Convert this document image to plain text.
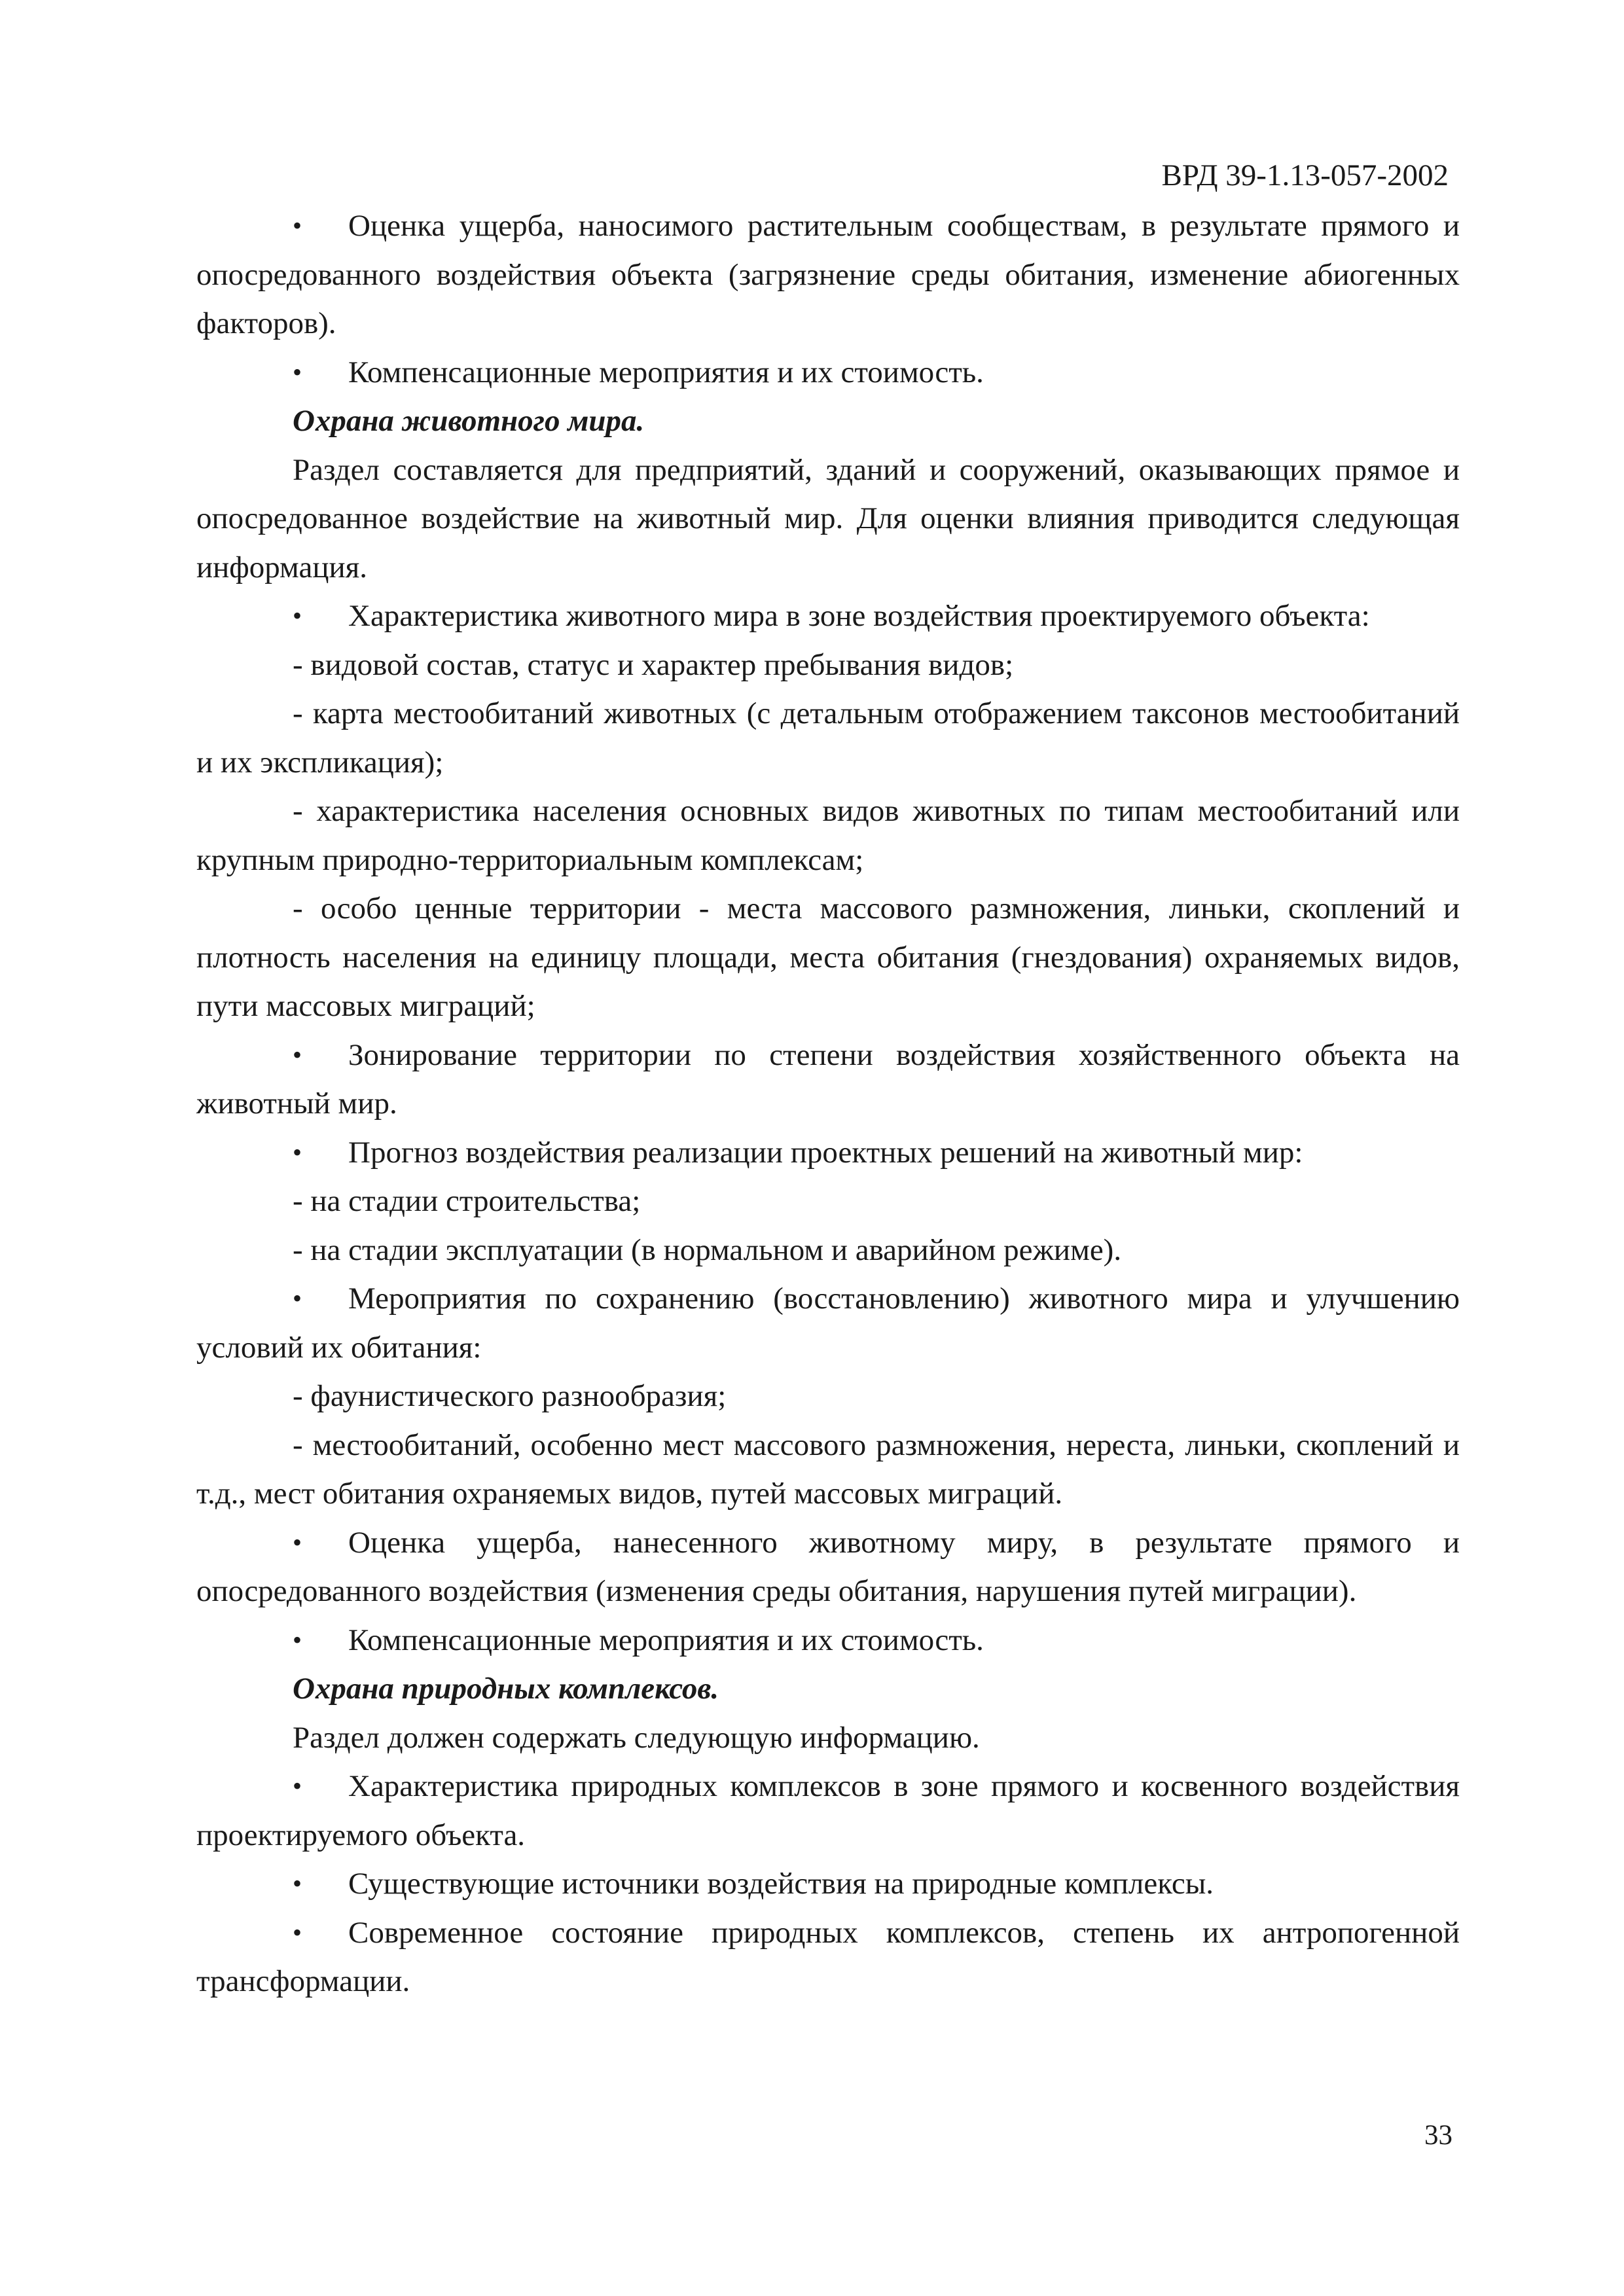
ВРД 39-1.13-057-2002

•	Оценка ущерба, наносимого растительным сообществам, в результате прямого и опосредованного воздействия объекта (загрязнение среды обитания, изменение абиогенных факторов).

•	Компенсационные мероприятия и их стоимость.

Охрана животного мира.

Раздел составляется для предприятий, зданий и сооружений, оказывающих прямое и опосредованное воздействие на животный мир. Для оценки влияния приводится следующая информация.

•	Характеристика животного мира в зоне воздействия проектируемого объекта:

- видовой состав, статус и характер пребывания видов;

- карта местообитаний животных (с детальным отображением таксонов местообитаний и их экспликация);

- характеристика населения основных видов животных по типам местообитаний или крупным природно-территориальным комплексам;

- особо ценные территории - места массового размножения, линьки, скоплений и плотность населения на единицу площади, места обитания (гнездования) охраняемых видов, пути массовых миграций;

•	Зонирование территории по степени воздействия хозяйственного объекта на животный мир.

•	Прогноз воздействия реализации проектных решений на животный мир:

- на стадии строительства;

- на стадии эксплуатации (в нормальном и аварийном режиме).

•	Мероприятия по сохранению (восстановлению) животного мира и улучшению условий их обитания:

- фаунистического разнообразия;

- местообитаний, особенно мест массового размножения, нереста, линьки, скоплений и т.д., мест обитания охраняемых видов, путей массовых миграций.

•	Оценка ущерба, нанесенного животному миру, в результате прямого и опосредованного воздействия (изменения среды обитания, нарушения путей миграции).

•	Компенсационные мероприятия и их стоимость.

Охрана природных комплексов.

Раздел должен содержать следующую информацию.

•	Характеристика природных комплексов в зоне прямого и косвенного воздействия проектируемого объекта.

•	Существующие источники воздействия на природные комплексы.

•	Современное состояние природных комплексов, степень их антропогенной трансформации.

33
